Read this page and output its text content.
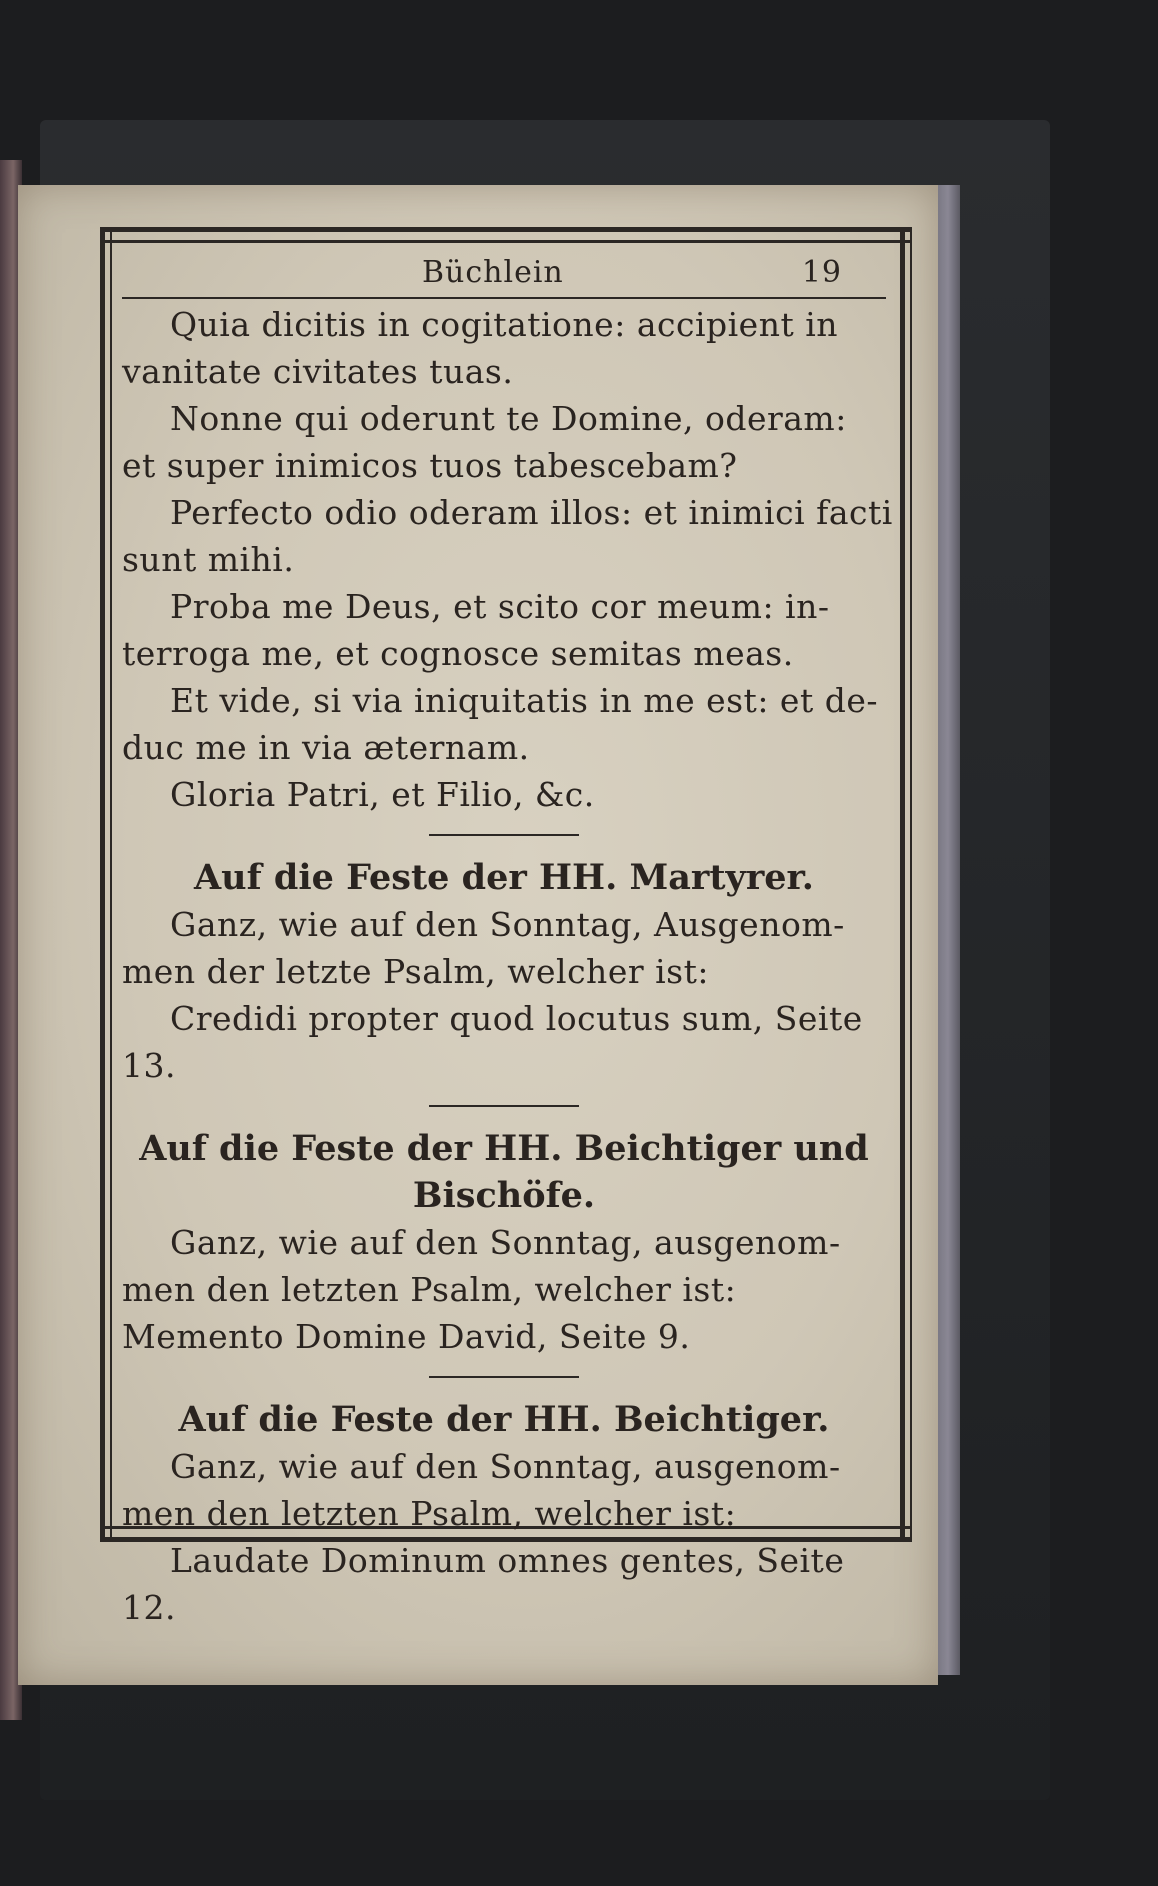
Büchlein	19
Quia dicitis in cogitatione: accipient in
vanitate civitates tuas.
Nonne qui oderunt te Domine, oderam:
et super inimicos tuos tabescebam?
Perfecto odio oderam illos: et inimici facti
sunt mihi.
Proba me Deus, et scito cor meum: in-
terroga me, et cognosce semitas meas.
Et vide, si via iniquitatis in me est: et de-
duc me in via æternam.
Gloria Patri, et Filio, &c.
Auf die Feste der HH. Martyrer.
Ganz, wie auf den Sonntag, Ausgenom-
men der letzte Psalm, welcher ist:
Credidi propter quod locutus sum, Seite
13.
Auf die Feste der HH. Beichtiger und
Bischöfe.
Ganz, wie auf den Sonntag, ausgenom-
men den letzten Psalm, welcher ist:
Memento Domine David, Seite 9.
Auf die Feste der HH. Beichtiger.
Ganz, wie auf den Sonntag, ausgenom-
men den letzten Psalm, welcher ist:
Laudate Dominum omnes gentes, Seite
12.
